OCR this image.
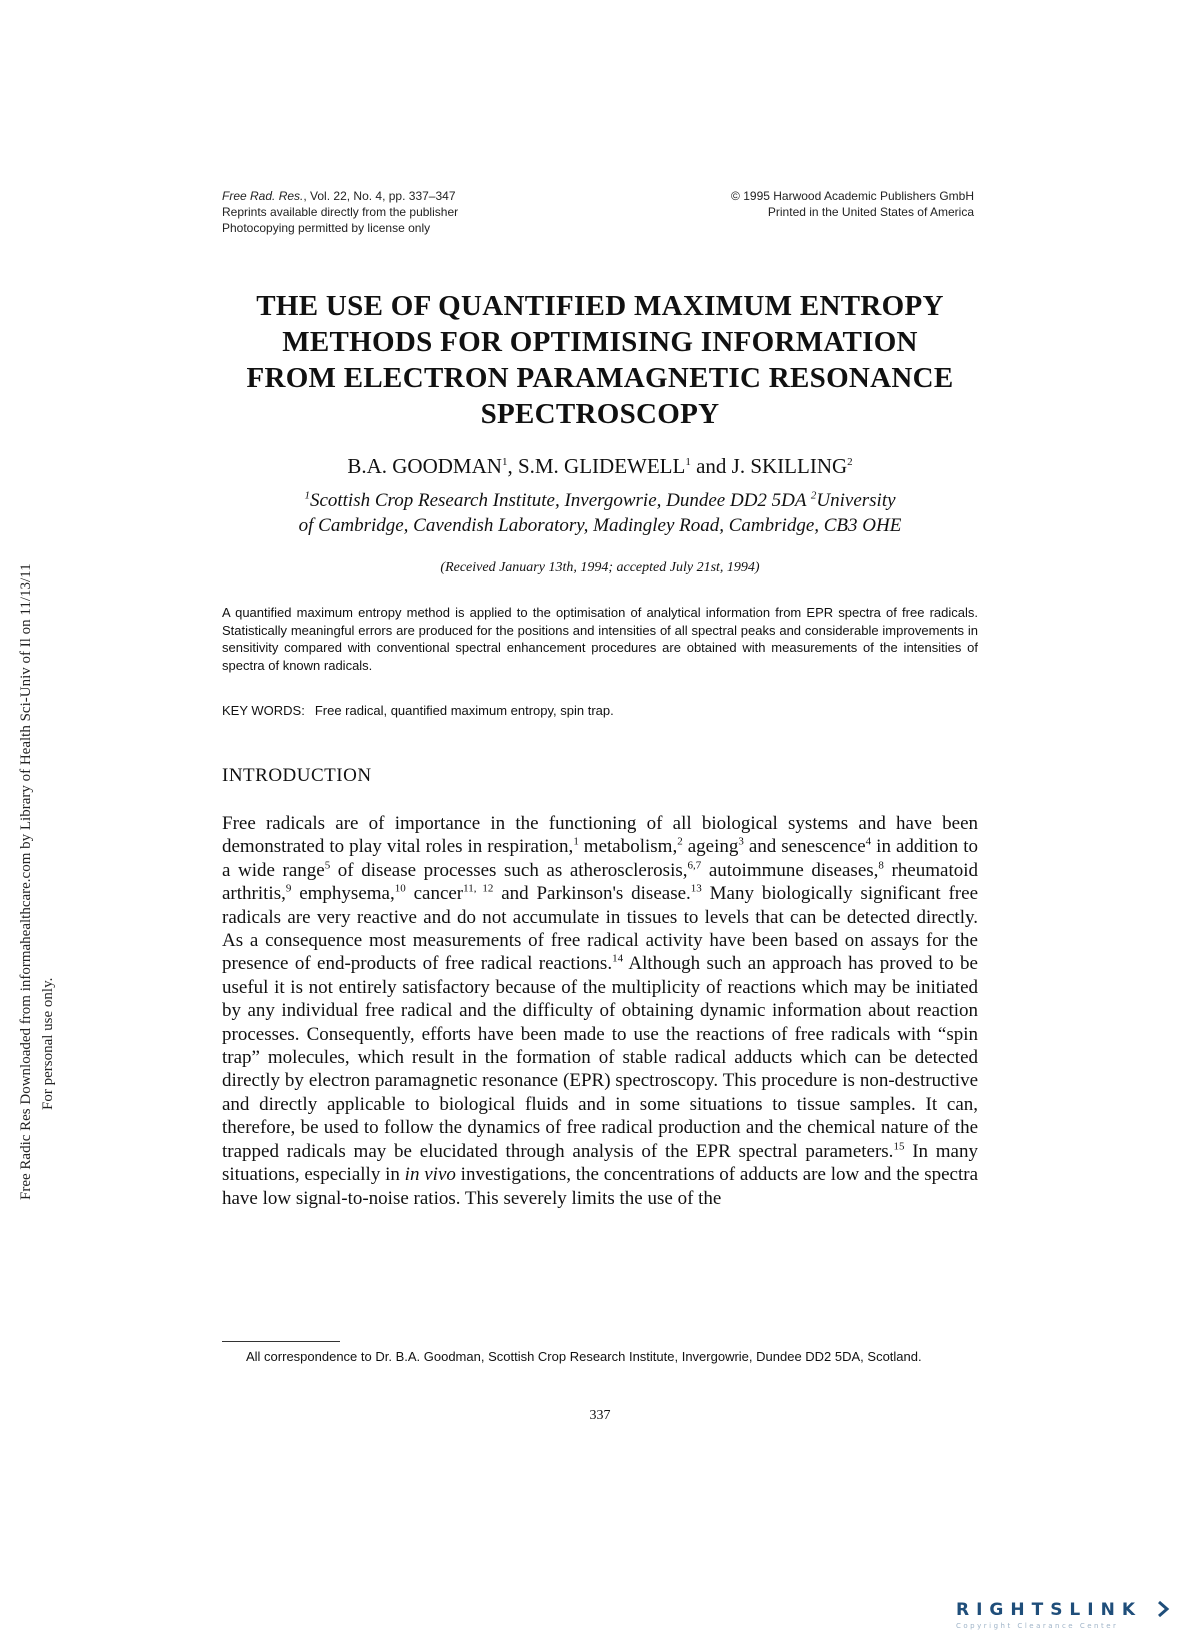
Free Radic Res Downloaded from informahealthcare.com by Library of Health Sci-Univ of Il on 11/13/11 For personal use only.
Free Rad. Res., Vol. 22, No. 4, pp. 337–347
Reprints available directly from the publisher
Photocopying permitted by license only
© 1995 Harwood Academic Publishers GmbH
Printed in the United States of America
THE USE OF QUANTIFIED MAXIMUM ENTROPY
METHODS FOR OPTIMISING INFORMATION
FROM ELECTRON PARAMAGNETIC RESONANCE
SPECTROSCOPY
B.A. GOODMAN$^1$, S.M. GLIDEWELL$^1$ and J. SKILLING$^2$
$^1$Scottish Crop Research Institute, Invergowrie, Dundee DD2 5DA $^2$University
of Cambridge, Cavendish Laboratory, Madingley Road, Cambridge, CB3 OHE
(Received January 13th, 1994; accepted July 21st, 1994)
A quantified maximum entropy method is applied to the optimisation of analytical information from EPR spectra of free radicals. Statistically meaningful errors are produced for the positions and intensities of all spectral peaks and considerable improvements in sensitivity compared with conventional spectral enhancement procedures are obtained with measurements of the intensities of spectra of known radicals.
KEY WORDS: Free radical, quantified maximum entropy, spin trap.
INTRODUCTION

Free radicals are of importance in the functioning of all biological systems and have been demonstrated to play vital roles in respiration,$^1$ metabolism,$^2$ ageing$^3$ and senescence$^4$ in addition to a wide range$^5$ of disease processes such as atherosclerosis,$^{6,7}$ autoimmune diseases,$^8$ rheumatoid arthritis,$^9$ emphysema,$^{10}$ cancer$^{11, 12}$ and Parkinson's disease.$^{13}$ Many biologically significant free radicals are very reactive and do not accumulate in tissues to levels that can be detected directly. As a consequence most measurements of free radical activity have been based on assays for the presence of end-products of free radical reactions.$^{14}$ Although such an approach has proved to be useful it is not entirely satisfactory because of the multiplicity of reactions which may be initiated by any individual free radical and the difficulty of obtaining dynamic information about reaction processes. Consequently, efforts have been made to use the reactions of free radicals with “spin trap” molecules, which result in the formation of stable radical adducts which can be detected directly by electron paramagnetic resonance (EPR) spectroscopy. This procedure is non-destructive and directly applicable to biological fluids and in some situations to tissue samples. It can, therefore, be used to follow the dynamics of free radical production and the chemical nature of the trapped radicals may be elucidated through analysis of the EPR spectral parameters.$^{15}$ In many situations, especially in in vivo investigations, the concentrations of adducts are low and the spectra have low signal-to-noise ratios. This severely limits the use of the

All correspondence to Dr. B.A. Goodman, Scottish Crop Research Institute, Invergowrie, Dundee DD2 5DA, Scotland.
337
RIGHTSLINK
Copyright Clearance Center
